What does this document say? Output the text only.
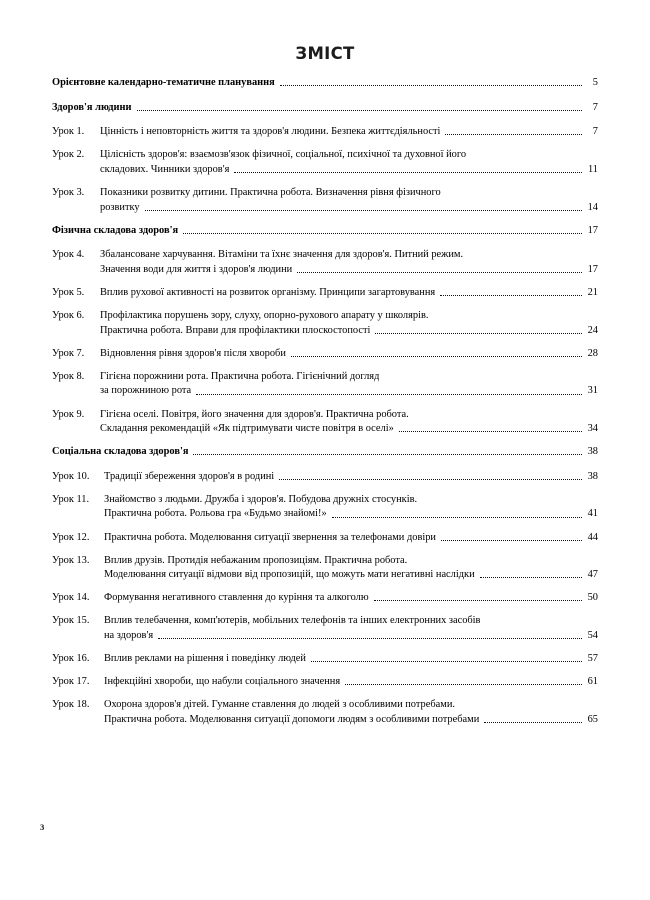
ЗМІСТ
Орієнтовне календарно-тематичне планування	5
Здоров'я людини	7
Урок 1.	Цінність і неповторність життя та здоров'я людини. Безпека життєдіяльності	7
Урок 2.	Цілісність здоров'я: взаємозв'язок фізичної, соціальної, психічної та духовної його
складових. Чинники здоров'я	11
Урок 3.	Показники розвитку дитини. Практична робота. Визначення рівня фізичного
розвитку	14
Фізична складова здоров'я	17
Урок 4.	Збалансоване харчування. Вітаміни та їхнє значення для здоров'я. Питний режим.
Значення води для життя і здоров'я людини	17
Урок 5.	Вплив рухової активності на розвиток організму. Принципи загартовування	21
Урок 6.	Профілактика порушень зору, слуху, опорно-рухового апарату у школярів.
Практична робота. Вправи для профілактики плоскостопості	24
Урок 7.	Відновлення рівня здоров'я після хвороби	28
Урок 8.	Гігієна порожнини рота. Практична робота. Гігієнічний догляд
за порожниною рота	31
Урок 9.	Гігієна оселі. Повітря, його значення для здоров'я. Практична робота.
Складання рекомендацій «Як підтримувати чисте повітря в оселі»	34
Соціальна складова здоров'я	38
Урок 10.	Традиції збереження здоров'я в родині	38
Урок 11.	Знайомство з людьми. Дружба і здоров'я. Побудова дружніх стосунків.
Практична робота. Рольова гра «Будьмо знайомі!»	41
Урок 12.	Практична робота. Моделювання ситуації звернення за телефонами довіри	44
Урок 13.	Вплив друзів. Протидія небажаним пропозиціям. Практична робота.
Моделювання ситуації відмови від пропозицій, що можуть мати негативні наслідки	47
Урок 14.	Формування негативного ставлення до куріння та алкоголю	50
Урок 15.	Вплив телебачення, комп'ютерів, мобільних телефонів та інших електронних засобів
на здоров'я	54
Урок 16.	Вплив реклами на рішення і поведінку людей	57
Урок 17.	Інфекційні хвороби, що набули соціального значення	61
Урок 18.	Охорона здоров'я дітей. Гуманне ставлення до людей з особливими потребами.
Практична робота. Моделювання ситуації допомоги людям з особливими потребами	65
3
